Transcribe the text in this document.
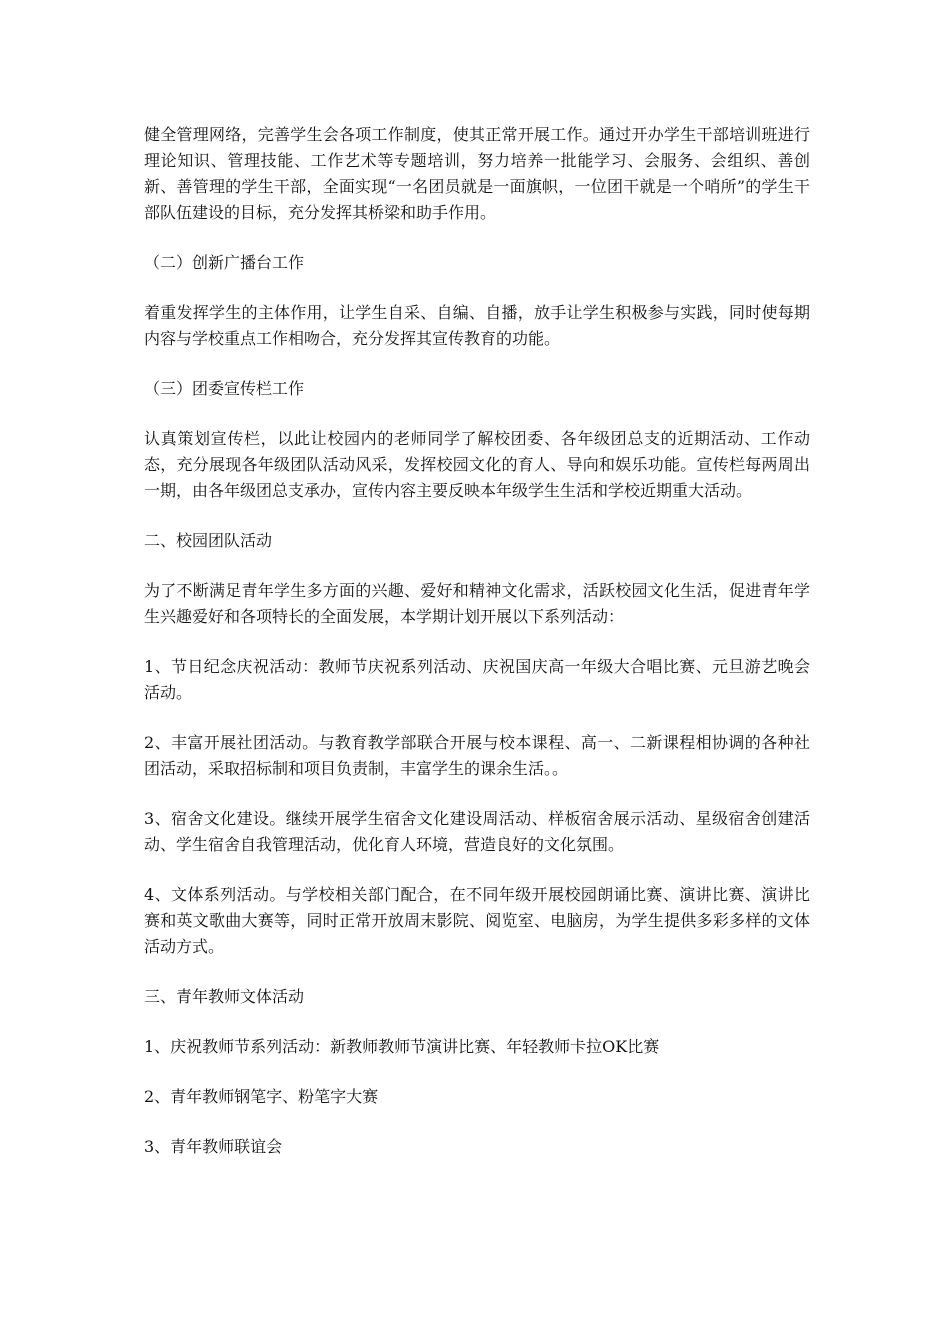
健全管理网络，完善学生会各项工作制度，使其正常开展工作。通过开办学生干部培训班进行理论知识、管理技能、工作艺术等专题培训，努力培养一批能学习、会服务、会组织、善创新、善管理的学生干部，全面实现“一名团员就是一面旗帜，一位团干就是一个哨所”的学生干部队伍建设的目标，充分发挥其桥梁和助手作用。

（二）创新广播台工作

着重发挥学生的主体作用，让学生自采、自编、自播，放手让学生积极参与实践，同时使每期内容与学校重点工作相吻合，充分发挥其宣传教育的功能。

（三）团委宣传栏工作

认真策划宣传栏，以此让校园内的老师同学了解校团委、各年级团总支的近期活动、工作动态，充分展现各年级团队活动风采，发挥校园文化的育人、导向和娱乐功能。宣传栏每两周出一期，由各年级团总支承办，宣传内容主要反映本年级学生生活和学校近期重大活动。

二、校园团队活动

为了不断满足青年学生多方面的兴趣、爱好和精神文化需求，活跃校园文化生活，促进青年学生兴趣爱好和各项特长的全面发展，本学期计划开展以下系列活动：

1、节日纪念庆祝活动：教师节庆祝系列活动、庆祝国庆高一年级大合唱比赛、元旦游艺晚会活动。

2、丰富开展社团活动。与教育教学部联合开展与校本课程、高一、二新课程相协调的各种社团活动，采取招标制和项目负责制，丰富学生的课余生活。。

3、宿舍文化建设。继续开展学生宿舍文化建设周活动、样板宿舍展示活动、星级宿舍创建活动、学生宿舍自我管理活动，优化育人环境，营造良好的文化氛围。

4、文体系列活动。与学校相关部门配合，在不同年级开展校园朗诵比赛、演讲比赛、演讲比赛和英文歌曲大赛等，同时正常开放周末影院、阅览室、电脑房，为学生提供多彩多样的文体活动方式。

三、青年教师文体活动

1、庆祝教师节系列活动：新教师教师节演讲比赛、年轻教师卡拉OK比赛

2、青年教师钢笔字、粉笔字大赛

3、青年教师联谊会
